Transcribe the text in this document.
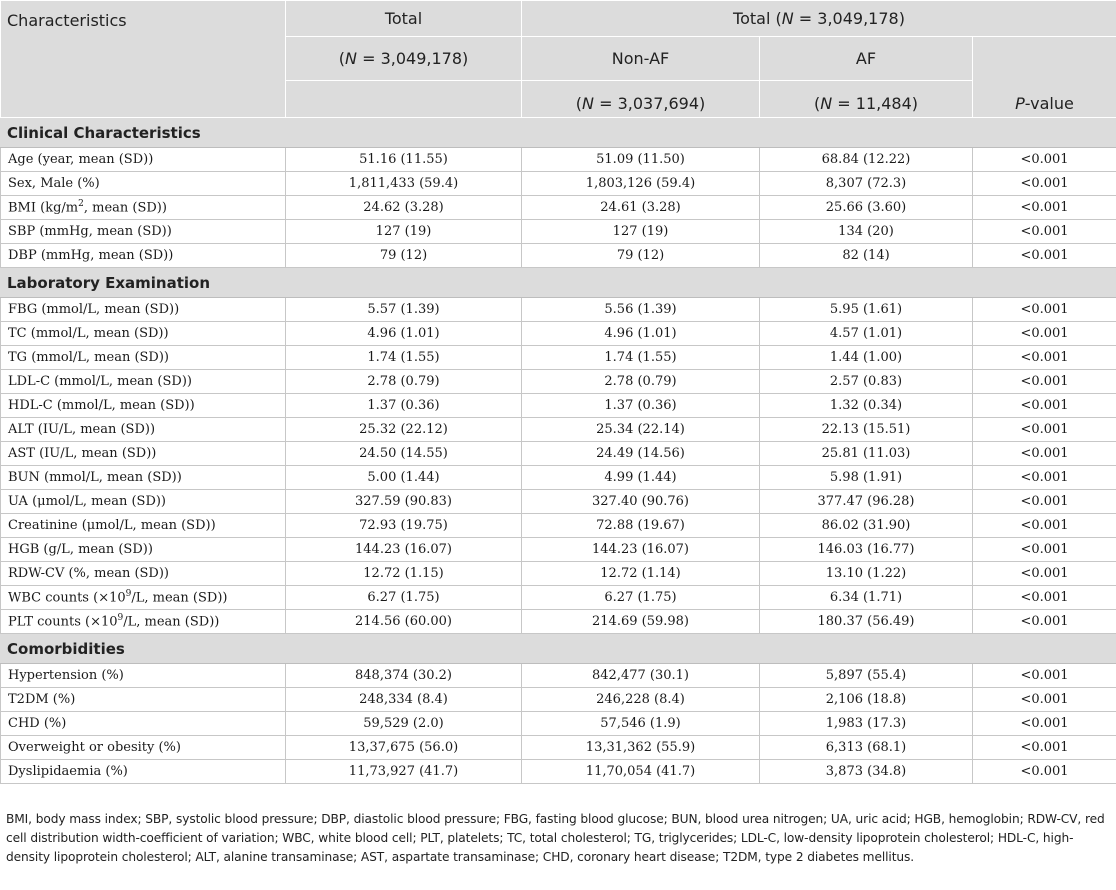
Characteristics	Total	Total (N = 3,049,178)		
	(N = 3,049,178)	Non-AF	AF	P-value
		(N = 3,037,694)	(N = 11,484)	
Clinical Characteristics				
Age (year, mean (SD))	51.16 (11.55)	51.09 (11.50)	68.84 (12.22)	<0.001
Sex, Male (%)	1,811,433 (59.4)	1,803,126 (59.4)	8,307 (72.3)	<0.001
BMI ($kg/m^2$, mean (SD))	24.62 (3.28)	24.61 (3.28)	25.66 (3.60)	<0.001
SBP (mmHg, mean (SD))	127 (19)	127 (19)	134 (20)	<0.001
DBP (mmHg, mean (SD))	79 (12)	79 (12)	82 (14)	<0.001
Laboratory Examination				
FBG (mmol/L, mean (SD))	5.57 (1.39)	5.56 (1.39)	5.95 (1.61)	<0.001
TC (mmol/L, mean (SD))	4.96 (1.01)	4.96 (1.01)	4.57 (1.01)	<0.001
TG (mmol/L, mean (SD))	1.74 (1.55)	1.74 (1.55)	1.44 (1.00)	<0.001
LDL-C (mmol/L, mean (SD))	2.78 (0.79)	2.78 (0.79)	2.57 (0.83)	<0.001
HDL-C (mmol/L, mean (SD))	1.37 (0.36)	1.37 (0.36)	1.32 (0.34)	<0.001
ALT (IU/L, mean (SD))	25.32 (22.12)	25.34 (22.14)	22.13 (15.51)	<0.001
AST (IU/L, mean (SD))	24.50 (14.55)	24.49 (14.56)	25.81 (11.03)	<0.001
BUN (mmol/L, mean (SD))	5.00 (1.44)	4.99 (1.44)	5.98 (1.91)	<0.001
UA (μmol/L, mean (SD))	327.59 (90.83)	327.40 (90.76)	377.47 (96.28)	<0.001
Creatinine (μmol/L, mean (SD))	72.93 (19.75)	72.88 (19.67)	86.02 (31.90)	<0.001
HGB (g/L, mean (SD))	144.23 (16.07)	144.23 (16.07)	146.03 (16.77)	<0.001
RDW-CV (%, mean (SD))	12.72 (1.15)	12.72 (1.14)	13.10 (1.22)	<0.001
WBC counts ($\times 10^9/L$, mean (SD))	6.27 (1.75)	6.27 (1.75)	6.34 (1.71)	<0.001
PLT counts ($\times 10^9/L$, mean (SD))	214.56 (60.00)	214.69 (59.98)	180.37 (56.49)	<0.001
Comorbidities				
Hypertension (%)	848,374 (30.2)	842,477 (30.1)	5,897 (55.4)	<0.001
T2DM (%)	248,334 (8.4)	246,228 (8.4)	2,106 (18.8)	<0.001
CHD (%)	59,529 (2.0)	57,546 (1.9)	1,983 (17.3)	<0.001
Overweight or obesity (%)	13,37,675 (56.0)	13,31,362 (55.9)	6,313 (68.1)	<0.001
Dyslipidaemia (%)	11,73,927 (41.7)	11,70,054 (41.7)	3,873 (34.8)	<0.001
BMI, body mass index; SBP, systolic blood pressure; DBP, diastolic blood pressure; FBG, fasting blood glucose; BUN, blood urea nitrogen; UA, uric acid; HGB, hemoglobin; RDW-CV, red cell distribution width-coefficient of variation; WBC, white blood cell; PLT, platelets; TC, total cholesterol; TG, triglycerides; LDL-C, low-density lipoprotein cholesterol; HDL-C, high-density lipoprotein cholesterol; ALT, alanine transaminase; AST, aspartate transaminase; CHD, coronary heart disease; T2DM, type 2 diabetes mellitus.
